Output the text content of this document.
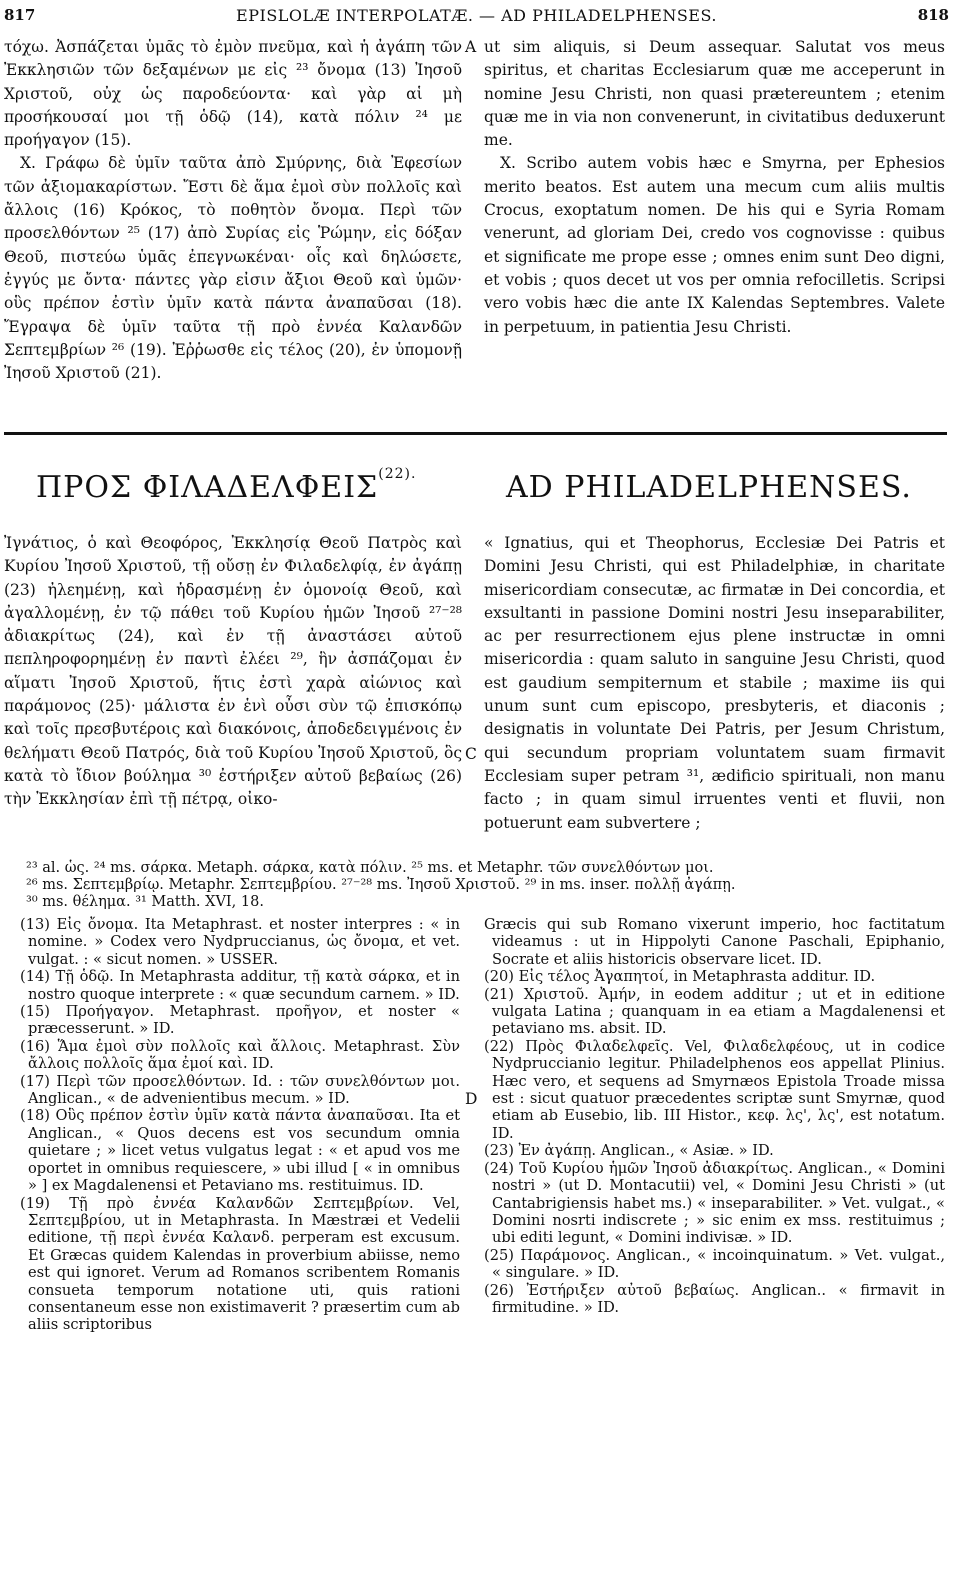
817	EPISLOLÆ INTERPOLATÆ. — AD PHILADELPHENSES.	818
A

τόχω. Ἀσπάζεται ὑμᾶς τὸ ἐμὸν πνεῦμα, καὶ ἡ ἀγάπη τῶν Ἐκκλησιῶν τῶν δεξαμένων με εἰς ²³ ὄνομα (13) Ἰησοῦ Χριστοῦ, οὐχ ὡς παροδεύοντα· καὶ γὰρ αἱ μὴ προσήκουσαί μοι τῇ ὁδῷ (14), κατὰ πόλιν ²⁴ με προήγαγον (15).

X. Γράφω δὲ ὑμῖν ταῦτα ἀπὸ Σμύρνης, διὰ Ἐφεσίων τῶν ἀξιομακαρίστων. Ἔστι δὲ ἅμα ἐμοὶ σὺν πολλοῖς καὶ ἄλλοις (16) Κρόκος, τὸ ποθητὸν ὄνομα. Περὶ τῶν προσελθόντων ²⁵ (17) ἀπὸ Συρίας εἰς Ῥώμην, εἰς δόξαν Θεοῦ, πιστεύω ὑμᾶς ἐπεγνωκέναι· οἷς καὶ δηλώσετε, ἐγγύς με ὄντα· πάντες γὰρ εἰσιν ἄξιοι Θεοῦ καὶ ὑμῶν· οὓς πρέπον ἐστὶν ὑμῖν κατὰ πάντα ἀναπαῦσαι (18). Ἔγραψα δὲ ὑμῖν ταῦτα τῇ πρὸ ἐννέα Καλανδῶν Σεπτεμβρίων ²⁶ (19). Ἐῤῥωσθε εἰς τέλος (20), ἐν ὑπομονῇ Ἰησοῦ Χριστοῦ (21).

ut sim aliquis, si Deum assequar. Salutat vos meus spiritus, et charitas Ecclesiarum quæ me acceperunt in nomine Jesu Christi, non quasi prætereuntem ; etenim quæ me in via non convenerunt, in civitatibus deduxerunt me.

X. Scribo autem vobis hæc e Smyrna, per Ephesios merito beatos. Est autem una mecum cum aliis multis Crocus, exoptatum nomen. De his qui e Syria Romam venerunt, ad gloriam Dei, credo vos cognovisse : quibus et significate me prope esse ; omnes enim sunt Deo digni, et vobis ; quos decet ut vos per omnia refocilletis. Scripsi vero vobis hæc die ante IX Kalendas Septembres. Valete in perpetuum, in patientia Jesu Christi.

ΠΡΟΣ $\Phi I\Lambda A\Delta E\Lambda\Phi EI\Sigma^{(22).}$	AD PHILADELPHENSES.
C

Ἰγνάτιος, ὁ καὶ Θεοφόρος, Ἐκκλησίᾳ Θεοῦ Πατρὸς καὶ Κυρίου Ἰησοῦ Χριστοῦ, τῇ οὔσῃ ἐν Φιλαδελφίᾳ, ἐν ἀγάπῃ (23) ἠλεημένῃ, καὶ ἡδρασμένῃ ἐν ὁμονοίᾳ Θεοῦ, καὶ ἀγαλλομένῃ, ἐν τῷ πάθει τοῦ Κυρίου ἡμῶν Ἰησοῦ ²⁷⁻²⁸ ἀδιακρίτως (24), καὶ ἐν τῇ ἀναστάσει αὐτοῦ πεπληροφορημένῃ ἐν παντὶ ἐλέει ²⁹, ἣν ἀσπάζομαι ἐν αἵματι Ἰησοῦ Χριστοῦ, ἥτις ἐστὶ χαρὰ αἰώνιος καὶ παράμονος (25)· μάλιστα ἐν ἑνὶ οὖσι σὺν τῷ ἐπισκόπῳ καὶ τοῖς πρεσβυτέροις καὶ διακόνοις, ἀποδεδειγμένοις ἐν θελήματι Θεοῦ Πατρός, διὰ τοῦ Κυρίου Ἰησοῦ Χριστοῦ, ὃς κατὰ τὸ ἴδιον βούλημα ³⁰ ἐστήριξεν αὐτοῦ βεβαίως (26) τὴν Ἐκκλησίαν ἐπὶ τῇ πέτρᾳ, οἰκο-

« Ignatius, qui et Theophorus, Ecclesiæ Dei Patris et Domini Jesu Christi, qui est Philadelphiæ, in charitate misericordiam consecutæ, ac firmatæ in Dei concordia, et exsultanti in passione Domini nostri Jesu inseparabiliter, ac per resurrectionem ejus plene instructæ in omni misericordia : quam saluto in sanguine Jesu Christi, quod est gaudium sempiternum et stabile ; maxime iis qui unum sunt cum episcopo, presbyteris, et diaconis ; designatis in voluntate Dei Patris, per Jesum Christum, qui secundum propriam voluntatem suam firmavit Ecclesiam super petram ³¹, ædificio spirituali, non manu facto ; in quam simul irruentes venti et fluvii, non potuerunt eam subvertere ;

²³ al. ὡς. ²⁴ ms. σάρκα. Metaph. σάρκα, κατὰ πόλιν. ²⁵ ms. et Metaphr. τῶν συνελθόντων μοι.

²⁶ ms. Σεπτεμβρίῳ. Metaphr. Σεπτεμβρίου. ²⁷⁻²⁸ ms. Ἰησοῦ Χριστοῦ. ²⁹ in ms. inser. πολλῇ ἀγάπῃ.

³⁰ ms. θέλημα. ³¹ Matth. XVI, 18.

D

(13) Εἰς ὄνομα. Ita Metaphrast. et noster interpres : « in nomine. » Codex vero Nydpruccianus, ὡς ὄνομα, et vet. vulgat. : « sicut nomen. » USSER.

(14) Τῇ ὁδῷ. In Metaphrasta additur, τῇ κατὰ σάρκα, et in nostro quoque interprete : « quæ secundum carnem. » ID.

(15) Προήγαγον. Metaphrast. προῆγον, et noster « præcesserunt. » ID.

(16) Ἅμα ἐμοὶ σὺν πολλοῖς καὶ ἄλλοις. Metaphrast. Σὺν ἄλλοις πολλοῖς ἅμα ἐμοί καὶ. ID.

(17) Περὶ τῶν προσελθόντων. Id. : τῶν συνελθόντων μοι. Anglican., « de advenientibus mecum. » ID.

(18) Οὓς πρέπον ἐστὶν ὑμῖν κατὰ πάντα ἀναπαῦσαι. Ita et Anglican., « Quos decens est vos secundum omnia quietare ; » licet vetus vulgatus legat : « et apud vos me oportet in omnibus requiescere, » ubi illud [ « in omnibus » ] ex Magdalenensi et Petaviano ms. restituimus. ID.

(19) Τῇ πρὸ ἐννέα Καλανδῶν Σεπτεμβρίων. Vel, Σεπτεμβρίου, ut in Metaphrasta. In Mæstræi et Vedelii editione, τῇ περὶ ἐννέα Καλανδ. perperam est excusum. Et Græcas quidem Kalendas in proverbium abiisse, nemo est qui ignoret. Verum ad Romanos scribentem Romanis consueta temporum notatione uti, quis rationi consentaneum esse non existimaverit ? præsertim cum ab aliis scriptoribus

Græcis qui sub Romano vixerunt imperio, hoc factitatum videamus : ut in Hippolyti Canone Paschali, Epiphanio, Socrate et aliis historicis observare licet. ID.

(20) Εἰς τέλος Ἀγαπητοί, in Metaphrasta additur. ID.

(21) Χριστοῦ. Ἀμήν, in eodem additur ; ut et in editione vulgata Latina ; quanquam in ea etiam a Magdalenensi et petaviano ms. absit. ID.

(22) Πρὸς Φιλαδελφεῖς. Vel, Φιλαδελφέους, ut in codice Nydpruccianio legitur. Philadelphenos eos appellat Plinius. Hæc vero, et sequens ad Smyrnæos Epistola Troade missa est : sicut quatuor præcedentes scriptæ sunt Smyrnæ, quod etiam ab Eusebio, lib. III Histor., κεφ. λς', λς', est notatum. ID.

(23) Ἐν ἀγάπῃ. Anglican., « Asiæ. » ID.

(24) Τοῦ Κυρίου ἡμῶν Ἰησοῦ ἀδιακρίτως. Anglican., « Domini nostri » (ut D. Montacutii) vel, « Domini Jesu Christi » (ut Cantabrigiensis habet ms.) « inseparabiliter. » Vet. vulgat., « Domini nosrti indiscrete ; » sic enim ex mss. restituimus ; ubi editi legunt, « Domini indivisæ. » ID.

(25) Παράμονος. Anglican., « incoinquinatum. » Vet. vulgat., « singulare. » ID.

(26) Ἐστήριξεν αὐτοῦ βεβαίως. Anglican.. « firmavit in firmitudine. » ID.
